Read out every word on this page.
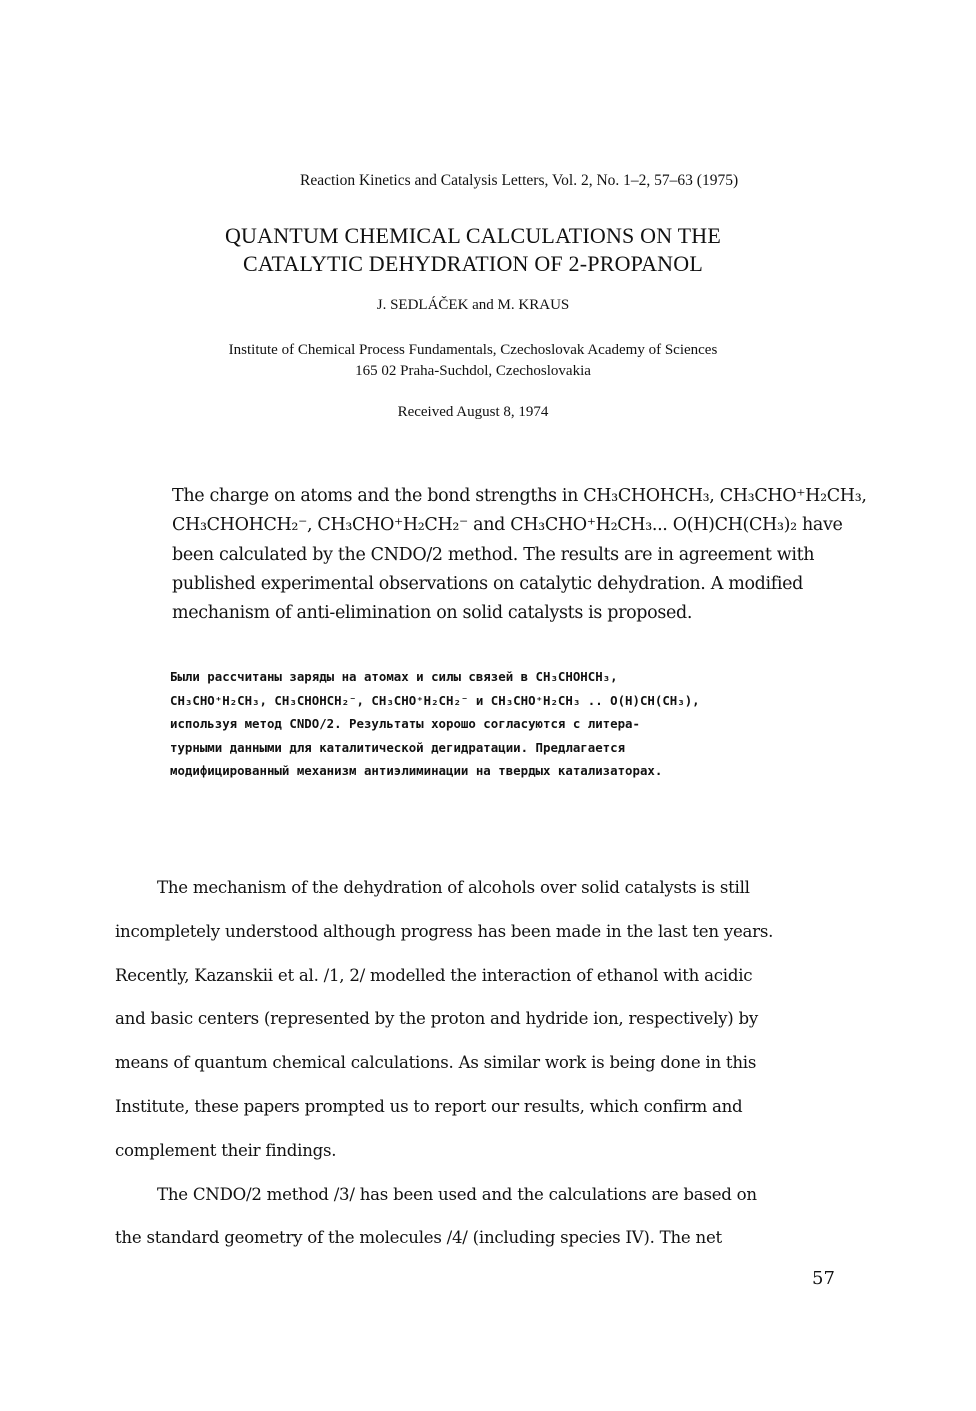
Reaction Kinetics and Catalysis Letters, Vol. 2, No. 1–2, 57–63 (1975)
QUANTUM CHEMICAL CALCULATIONS ON THE
CATALYTIC DEHYDRATION OF 2-PROPANOL
J. SEDLÁČEK and M. KRAUS
Institute of Chemical Process Fundamentals, Czechoslovak Academy of Sciences
165 02 Praha-Suchdol, Czechoslovakia
Received August 8, 1974
The charge on atoms and the bond strengths in CH₃CHOHCH₃, CH₃CHO⁺H₂CH₃,
CH₃CHOHCH₂⁻, CH₃CHO⁺H₂CH₂⁻ and CH₃CHO⁺H₂CH₃... O(H)CH(CH₃)₂ have
been calculated by the CNDO/2 method. The results are in agreement with
published experimental observations on catalytic dehydration. A modified
mechanism of anti-elimination on solid catalysts is proposed.
Были рассчитаны заряды на атомах и силы связей в CH₃CHOHCH₃,
CH₃CHO⁺H₂CH₃, CH₃CHOHCH₂⁻, CH₃CHO⁺H₂CH₂⁻ и CH₃CHO⁺H₂CH₃ .. O(H)CH(CH₃),
используя метод CNDO/2. Результаты хорошо согласуются с литера-
турными данными для каталитической дегидратации. Предлагается
модифицированный механизм антиэлиминации на твердых катализаторах.
The mechanism of the dehydration of alcohols over solid catalysts is still
incompletely understood although progress has been made in the last ten years.
Recently, Kazanskii et al. /1, 2/ modelled the interaction of ethanol with acidic
and basic centers (represented by the proton and hydride ion, respectively) by
means of quantum chemical calculations. As similar work is being done in this
Institute, these papers prompted us to report our results, which confirm and
complement their findings.
The CNDO/2 method /3/ has been used and the calculations are based on
the standard geometry of the molecules /4/ (including species IV). The net
57
